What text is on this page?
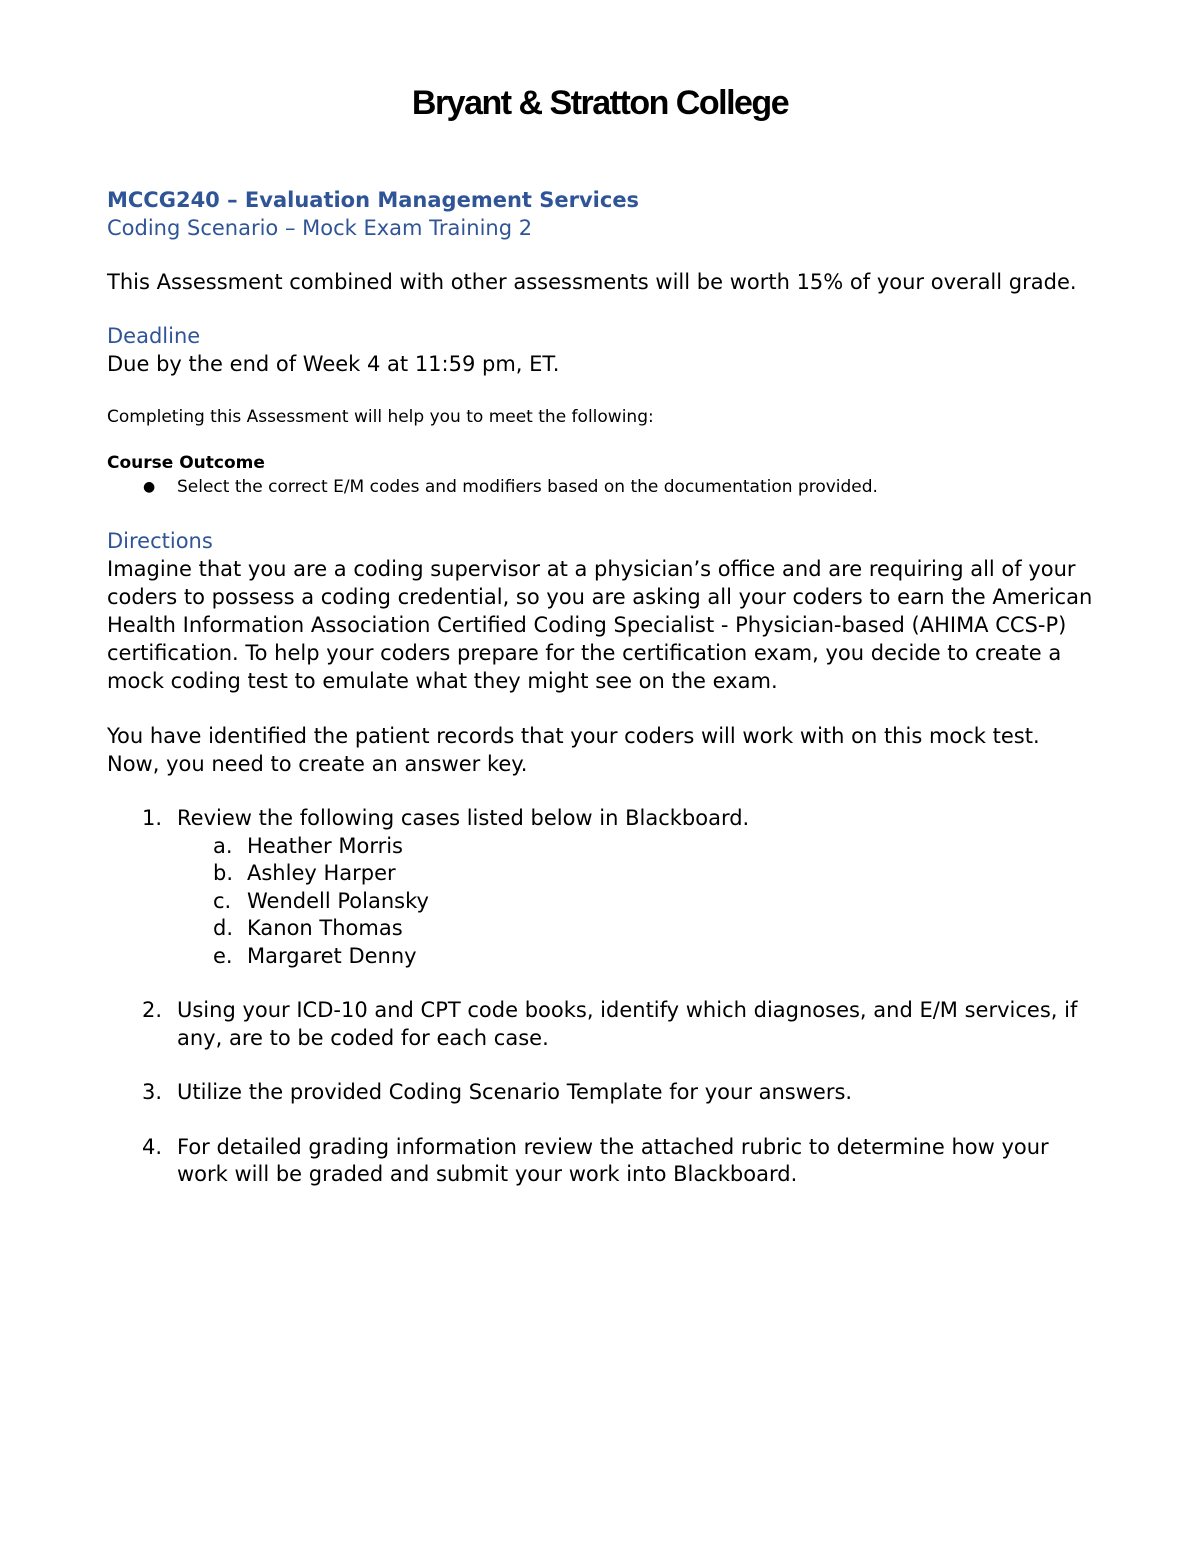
Bryant & Stratton College
MCCG240 – Evaluation Management Services
Coding Scenario – Mock Exam Training 2

This Assessment combined with other assessments will be worth 15% of your overall grade.

Deadline

Due by the end of Week 4 at 11:59 pm, ET.

Completing this Assessment will help you to meet the following:
Course Outcome
●	Select the correct E/M codes and modifiers based on the documentation provided.
Directions

Imagine that you are a coding supervisor at a physician’s office and are requiring all of your coders to possess a coding credential, so you are asking all your coders to earn the American Health Information Association Certified Coding Specialist - Physician-based (AHIMA CCS-P) certification. To help your coders prepare for the certification exam, you decide to create a mock coding test to emulate what they might see on the exam.

You have identified the patient records that your coders will work with on this mock test. Now, you need to create an answer key.

1. Review the following cases listed below in Blackboard.
a. Heather Morris
b. Ashley Harper
c. Wendell Polansky
d. Kanon Thomas
e. Margaret Denny
2. Using your ICD-10 and CPT code books, identify which diagnoses, and E/M services, if any, are to be coded for each case.
3. Utilize the provided Coding Scenario Template for your answers.
4. For detailed grading information review the attached rubric to determine how your work will be graded and submit your work into Blackboard.
